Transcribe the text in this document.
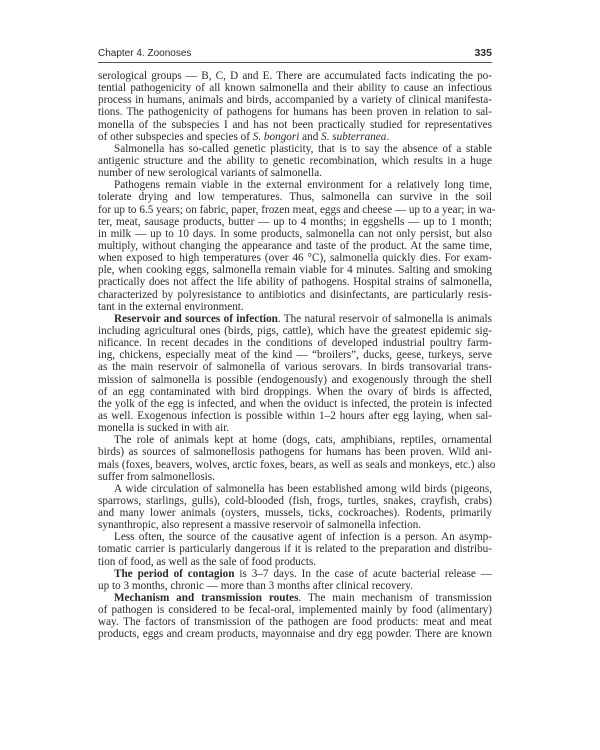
Chapter 4. Zoonoses	335
serological groups — B, C, D and E. There are accumulated facts indicating the po-
tential pathogenicity of all known salmonella and their ability to cause an infectious
process in humans, animals and birds, accompanied by a variety of clinical manifesta-
tions. The pathogenicity of pathogens for humans has been proven in relation to sal-
monella of the subspecies I and has not been practically studied for representatives
of other subspecies and species of S. bongori and S. subterranea.
Salmonella has so-called genetic plasticity, that is to say the absence of a stable
antigenic structure and the ability to genetic recombination, which results in a huge
number of new serological variants of salmonella.
Pathogens remain viable in the external environment for a relatively long time,
tolerate drying and low temperatures. Thus, salmonella can survive in the soil
for up to 6.5 years; on fabric, paper, frozen meat, eggs and cheese — up to a year; in wa-
ter, meat, sausage products, butter — up to 4 months; in eggshells — up to 1 month;
in milk — up to 10 days. In some products, salmonella can not only persist, but also
multiply, without changing the appearance and taste of the product. At the same time,
when exposed to high temperatures (over 46 °C), salmonella quickly dies. For exam-
ple, when cooking eggs, salmonella remain viable for 4 minutes. Salting and smoking
practically does not affect the life ability of pathogens. Hospital strains of salmonella,
characterized by polyresistance to antibiotics and disinfectants, are particularly resis-
tant in the external environment.
Reservoir and sources of infection. The natural reservoir of salmonella is animals
including agricultural ones (birds, pigs, cattle), which have the greatest epidemic sig-
nificance. In recent decades in the conditions of developed industrial poultry farm-
ing, chickens, especially meat of the kind — “broilers”, ducks, geese, turkeys, serve
as the main reservoir of salmonella of various serovars. In birds transovarial trans-
mission of salmonella is possible (endogenously) and exogenously through the shell
of an egg contaminated with bird droppings. When the ovary of birds is affected,
the yolk of the egg is infected, and when the oviduct is infected, the protein is infected
as well. Exogenous infection is possible within 1–2 hours after egg laying, when sal-
monella is sucked in with air.
The role of animals kept at home (dogs, cats, amphibians, reptiles, ornamental
birds) as sources of salmonellosis pathogens for humans has been proven. Wild ani-
mals (foxes, beavers, wolves, arctic foxes, bears, as well as seals and monkeys, etc.) also
suffer from salmonellosis.
A wide circulation of salmonella has been established among wild birds (pigeons,
sparrows, starlings, gulls), cold-blooded (fish, frogs, turtles, snakes, crayfish, crabs)
and many lower animals (oysters, mussels, ticks, cockroaches). Rodents, primarily
synanthropic, also represent a massive reservoir of salmonella infection.
Less often, the source of the causative agent of infection is a person. An asymp-
tomatic carrier is particularly dangerous if it is related to the preparation and distribu-
tion of food, as well as the sale of food products.
The period of contagion is 3–7 days. In the case of acute bacterial release —
up to 3 months, chronic — more than 3 months after clinical recovery.
Mechanism and transmission routes. The main mechanism of transmission
of pathogen is considered to be fecal-oral, implemented mainly by food (alimentary)
way. The factors of transmission of the pathogen are food products: meat and meat
products, eggs and cream products, mayonnaise and dry egg powder. There are known
